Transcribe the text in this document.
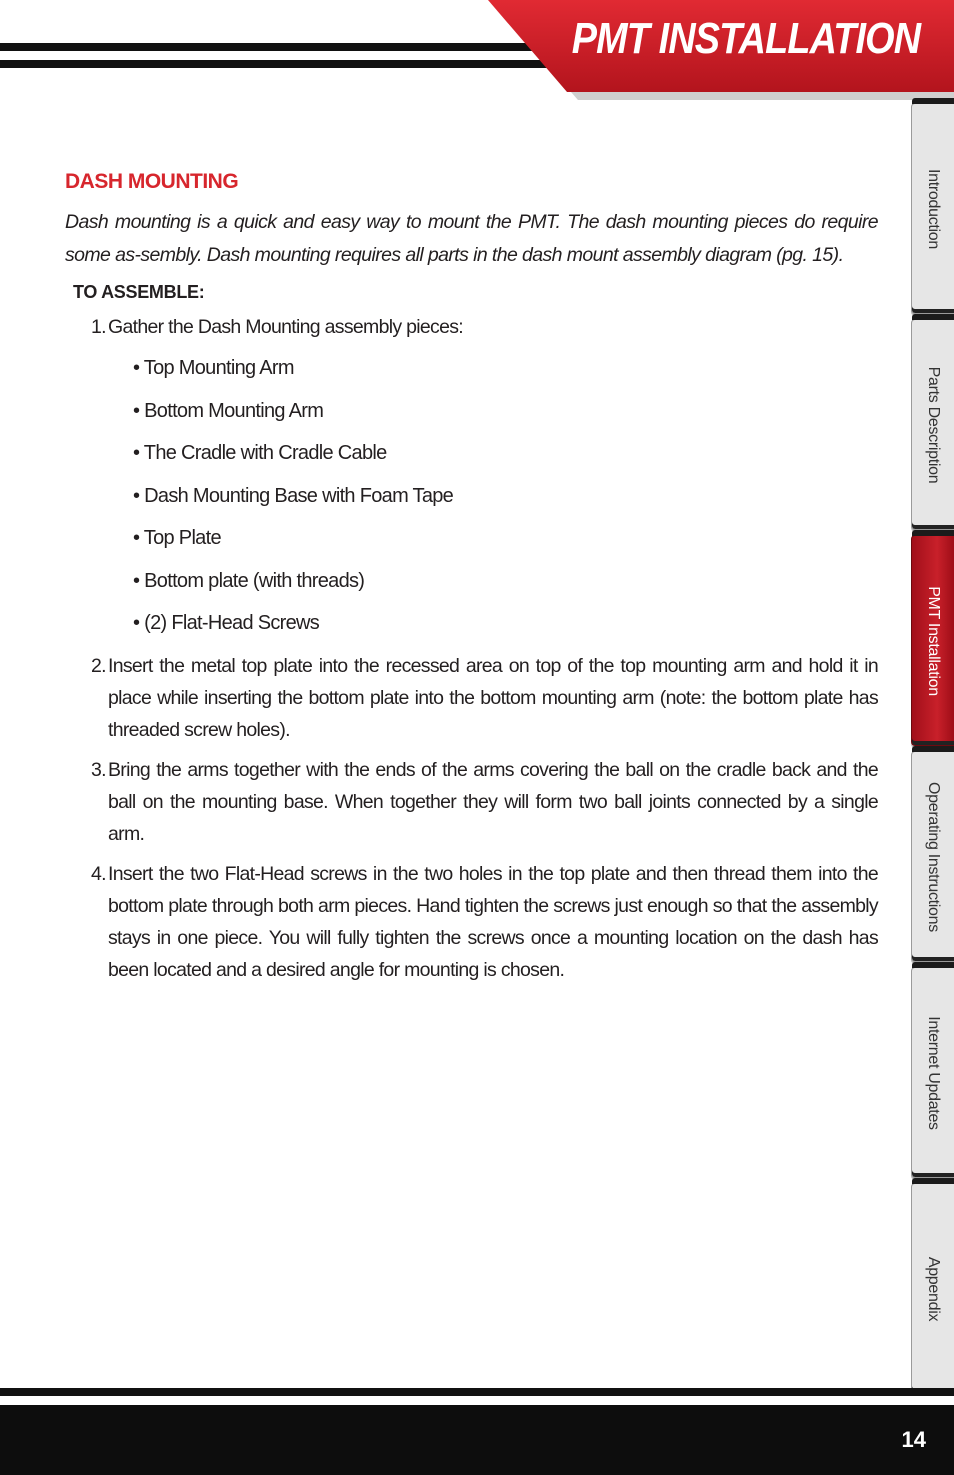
PMT INSTALLATION
Introduction
Parts Description
PMT Installation
Operating Instructions
Internet Updates
Appendix
DASH MOUNTING

Dash mounting is a quick and easy way to mount the PMT. The dash mounting pieces do require some as-sembly. Dash mounting requires all parts in the dash mount assembly diagram (pg. 15).

TO ASSEMBLE:
1. Gather the Dash Mounting assembly pieces:
• Top Mounting Arm
• Bottom Mounting Arm
• The Cradle with Cradle Cable
• Dash Mounting Base with Foam Tape
• Top Plate
• Bottom plate (with threads)
• (2) Flat-Head Screws
2. Insert the metal top plate into the recessed area on top of the top mounting arm and hold it in place while inserting the bottom plate into the bottom mounting arm (note: the bottom plate has threaded screw holes).
3. Bring the arms together with the ends of the arms covering the ball on the cradle back and the ball on the mounting base. When together they will form two ball joints connected by a single arm.
4. Insert the two Flat-Head screws in the two holes in the top plate and then thread them into the bottom plate through both arm pieces. Hand tighten the screws just enough so that the assembly stays in one piece. You will fully tighten the screws once a mounting location on the dash has been located and a desired angle for mounting is chosen.
14
